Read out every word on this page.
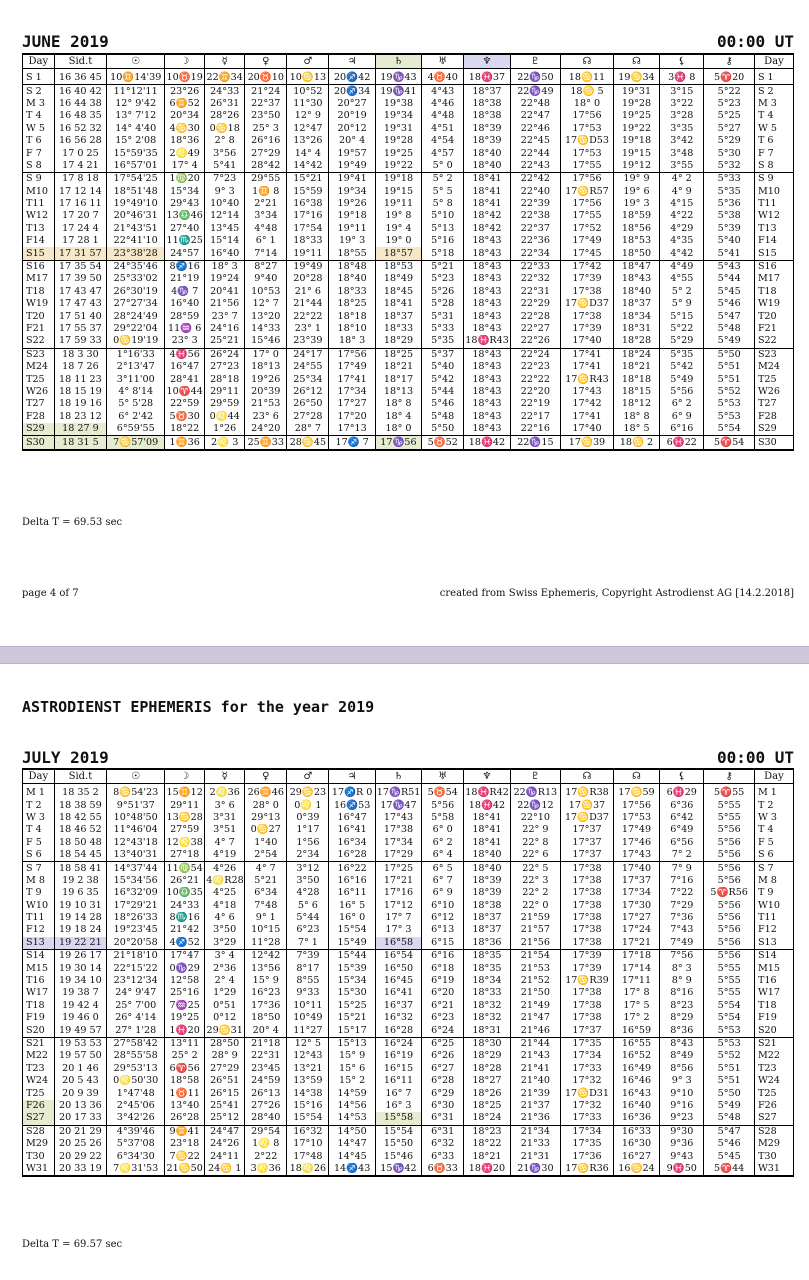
JUNE 2019	00:00 UT
Day	Sid.t	☉	☽	☿	♀	♂	♃	♄	♅	♆	♇	☊	☊	⚸	⚷	Day
S 1	16 36 45	10♊14'39	10♉19	22♊34	20♉10	10♋13	20♐42	19♑43	4♉40	18♓37	22♑50	18♋11	19♋34	3♓ 8	5♈20	S 1
S 2	16 40 42	11°12'11	23°26	24°33	21°24	10°52	20♐34	19♑41	4°43	18°37	22♑49	18♋ 5	19°31	3°15	5°22	S 2
M 3	16 44 38	12° 9'42	6♊52	26°31	22°37	11°30	20°27	19°38	4°46	18°38	22°48	18° 0	19°28	3°22	5°23	M 3
T 4	16 48 35	13° 7'12	20°34	28°26	23°50	12° 9	20°19	19°34	4°48	18°38	22°47	17°56	19°25	3°28	5°25	T 4
W 5	16 52 32	14° 4'40	4♋30	0♋18	25° 3	12°47	20°12	19°31	4°51	18°39	22°46	17°53	19°22	3°35	5°27	W 5
T 6	16 56 28	15° 2'08	18°36	2° 8	26°16	13°26	20° 4	19°28	4°54	18°39	22°45	17♋D53	19°18	3°42	5°29	T 6
F 7	17 0 25	15°59'35	2♌49	3°56	27°29	14° 4	19°57	19°25	4°57	18°40	22°44	17°53	19°15	3°48	5°30	F 7
S 8	17 4 21	16°57'01	17° 4	5°41	28°42	14°42	19°49	19°22	5° 0	18°40	22°43	17°55	19°12	3°55	5°32	S 8
S 9	17 8 18	17°54'25	1♍20	7°23	29°55	15°21	19°41	19°18	5° 2	18°41	22°42	17°56	19° 9	4° 2	5°33	S 9
M10	17 12 14	18°51'48	15°34	9° 3	1♊ 8	15°59	19°34	19°15	5° 5	18°41	22°40	17♋R57	19° 6	4° 9	5°35	M10
T11	17 16 11	19°49'10	29°43	10°40	2°21	16°38	19°26	19°11	5° 8	18°41	22°39	17°56	19° 3	4°15	5°36	T11
W12	17 20 7	20°46'31	13♎46	12°14	3°34	17°16	19°18	19° 8	5°10	18°42	22°38	17°55	18°59	4°22	5°38	W12
T13	17 24 4	21°43'51	27°40	13°45	4°48	17°54	19°11	19° 4	5°13	18°42	22°37	17°52	18°56	4°29	5°39	T13
F14	17 28 1	22°41'10	11♏25	15°14	6° 1	18°33	19° 3	19° 0	5°16	18°43	22°36	17°49	18°53	4°35	5°40	F14
S15	17 31 57	23°38'28	24°57	16°40	7°14	19°11	18°55	18°57	5°18	18°43	22°34	17°45	18°50	4°42	5°41	S15
S16	17 35 54	24°35'46	8♐16	18° 3	8°27	19°49	18°48	18°53	5°21	18°43	22°33	17°42	18°47	4°49	5°43	S16
M17	17 39 50	25°33'02	21°19	19°24	9°40	20°28	18°40	18°49	5°23	18°43	22°32	17°39	18°43	4°55	5°44	M17
T18	17 43 47	26°30'19	4♑ 7	20°41	10°53	21° 6	18°33	18°45	5°26	18°43	22°31	17°38	18°40	5° 2	5°45	T18
W19	17 47 43	27°27'34	16°40	21°56	12° 7	21°44	18°25	18°41	5°28	18°43	22°29	17♋D37	18°37	5° 9	5°46	W19
T20	17 51 40	28°24'49	28°59	23° 7	13°20	22°22	18°18	18°37	5°31	18°43	22°28	17°38	18°34	5°15	5°47	T20
F21	17 55 37	29°22'04	11♒ 6	24°16	14°33	23° 1	18°10	18°33	5°33	18°43	22°27	17°39	18°31	5°22	5°48	F21
S22	17 59 33	0♋19'19	23° 3	25°21	15°46	23°39	18° 3	18°29	5°35	18♓R43	22°26	17°40	18°28	5°29	5°49	S22
S23	18 3 30	1°16'33	4♓56	26°24	17° 0	24°17	17°56	18°25	5°37	18°43	22°24	17°41	18°24	5°35	5°50	S23
M24	18 7 26	2°13'47	16°47	27°23	18°13	24°55	17°49	18°21	5°40	18°43	22°23	17°41	18°21	5°42	5°51	M24
T25	18 11 23	3°11'00	28°41	28°18	19°26	25°34	17°41	18°17	5°42	18°43	22°22	17♋R43	18°18	5°49	5°51	T25
W26	18 15 19	4° 8'14	10♈44	29°11	20°39	26°12	17°34	18°13	5°44	18°43	22°20	17°43	18°15	5°56	5°52	W26
T27	18 19 16	5° 5'28	22°59	29°59	21°53	26°50	17°27	18° 8	5°46	18°43	22°19	17°42	18°12	6° 2	5°53	T27
F28	18 23 12	6° 2'42	5♉30	0♌44	23° 6	27°28	17°20	18° 4	5°48	18°43	22°17	17°41	18° 8	6° 9	5°53	F28
S29	18 27 9	6°59'55	18°22	1°26	24°20	28° 7	17°13	18° 0	5°50	18°43	22°16	17°40	18° 5	6°16	5°54	S29
S30	18 31 5	7♋57'09	1♊36	2♌ 3	25♊33	28♋45	17♐ 7	17♑56	5♉52	18♓42	22♑15	17♋39	18♋ 2	6♓22	5♈54	S30
Delta T = 69.53 sec
page 4 of 7	created from Swiss Ephemeris, Copyright Astrodienst AG [14.2.2018]
ASTRODIENST EPHEMERIS for the year 2019
JULY 2019	00:00 UT
Day	Sid.t	☉	☽	☿	♀	♂	♃	♄	♅	♆	♇	☊	☊	⚸	⚷	Day
M 1	18 35 2	8♋54'23	15♊12	2♌36	26♊46	29♋23	17♐R 0	17♑R51	5♉54	18♓R42	22♑R13	17♋R38	17♋59	6♓29	5♈55	M 1
T 2	18 38 59	9°51'37	29°11	3° 6	28° 0	0♌ 1	16♐53	17♑47	5°56	18♓42	22♑12	17♋37	17°56	6°36	5°55	T 2
W 3	18 42 55	10°48'50	13♋28	3°31	29°13	0°39	16°47	17°43	5°58	18°41	22°10	17♋D37	17°53	6°42	5°55	W 3
T 4	18 46 52	11°46'04	27°59	3°51	0♋27	1°17	16°41	17°38	6° 0	18°41	22° 9	17°37	17°49	6°49	5°56	T 4
F 5	18 50 48	12°43'18	12♌38	4° 7	1°40	1°56	16°34	17°34	6° 2	18°41	22° 8	17°37	17°46	6°56	5°56	F 5
S 6	18 54 45	13°40'31	27°18	4°19	2°54	2°34	16°28	17°29	6° 4	18°40	22° 6	17°37	17°43	7° 2	5°56	S 6
S 7	18 58 41	14°37'44	11♍54	4°26	4° 7	3°12	16°22	17°25	6° 5	18°40	22° 5	17°38	17°40	7° 9	5°56	S 7
M 8	19 2 38	15°34'56	26°21	4♌R28	5°21	3°50	16°16	17°21	6° 7	18°39	22° 3	17°38	17°37	7°16	5°56	M 8
T 9	19 6 35	16°32'09	10♎35	4°25	6°34	4°28	16°11	17°16	6° 9	18°39	22° 2	17°38	17°34	7°22	5♈R56	T 9
W10	19 10 31	17°29'21	24°33	4°18	7°48	5° 6	16° 5	17°12	6°10	18°38	22° 0	17°38	17°30	7°29	5°56	W10
T11	19 14 28	18°26'33	8♏16	4° 6	9° 1	5°44	16° 0	17° 7	6°12	18°37	21°59	17°38	17°27	7°36	5°56	T11
F12	19 18 24	19°23'45	21°42	3°50	10°15	6°23	15°54	17° 3	6°13	18°37	21°57	17°38	17°24	7°43	5°56	F12
S13	19 22 21	20°20'58	4♐52	3°29	11°28	7° 1	15°49	16°58	6°15	18°36	21°56	17°38	17°21	7°49	5°56	S13
S14	19 26 17	21°18'10	17°47	3° 4	12°42	7°39	15°44	16°54	6°16	18°35	21°54	17°39	17°18	7°56	5°56	S14
M15	19 30 14	22°15'22	0♑29	2°36	13°56	8°17	15°39	16°50	6°18	18°35	21°53	17°39	17°14	8° 3	5°55	M15
T16	19 34 10	23°12'34	12°58	2° 4	15° 9	8°55	15°34	16°45	6°19	18°34	21°52	17♋R39	17°11	8° 9	5°55	T16
W17	19 38 7	24° 9'47	25°16	1°29	16°23	9°33	15°30	16°41	6°20	18°33	21°50	17°38	17° 8	8°16	5°55	W17
T18	19 42 4	25° 7'00	7♒25	0°51	17°36	10°11	15°25	16°37	6°21	18°32	21°49	17°38	17° 5	8°23	5°54	T18
F19	19 46 0	26° 4'14	19°25	0°12	18°50	10°49	15°21	16°32	6°23	18°32	21°47	17°38	17° 2	8°29	5°54	F19
S20	19 49 57	27° 1'28	1♓20	29♋31	20° 4	11°27	15°17	16°28	6°24	18°31	21°46	17°37	16°59	8°36	5°53	S20
S21	19 53 53	27°58'42	13°11	28°50	21°18	12° 5	15°13	16°24	6°25	18°30	21°44	17°35	16°55	8°43	5°53	S21
M22	19 57 50	28°55'58	25° 2	28° 9	22°31	12°43	15° 9	16°19	6°26	18°29	21°43	17°34	16°52	8°49	5°52	M22
T23	20 1 46	29°53'13	6♈56	27°29	23°45	13°21	15° 6	16°15	6°27	18°28	21°41	17°33	16°49	8°56	5°51	T23
W24	20 5 43	0♌50'30	18°58	26°51	24°59	13°59	15° 2	16°11	6°28	18°27	21°40	17°32	16°46	9° 3	5°51	W24
T25	20 9 39	1°47'48	1♉11	26°15	26°13	14°38	14°59	16° 7	6°29	18°26	21°39	17♋D31	16°43	9°10	5°50	T25
F26	20 13 36	2°45'06	13°40	25°41	27°26	15°16	14°56	16° 3	6°30	18°25	21°37	17°32	16°40	9°16	5°49	F26
S27	20 17 33	3°42'26	26°28	25°12	28°40	15°54	14°53	15°58	6°31	18°24	21°36	17°33	16°36	9°23	5°48	S27
S28	20 21 29	4°39'46	9♊41	24°47	29°54	16°32	14°50	15°54	6°31	18°23	21°34	17°34	16°33	9°30	5°47	S28
M29	20 25 26	5°37'08	23°18	24°26	1♌ 8	17°10	14°47	15°50	6°32	18°22	21°33	17°35	16°30	9°36	5°46	M29
T30	20 29 22	6°34'30	7♋22	24°11	2°22	17°48	14°45	15°46	6°33	18°21	21°31	17°36	16°27	9°43	5°45	T30
W31	20 33 19	7♌31'53	21♋50	24♋ 1	3♌36	18♌26	14♐43	15♑42	6♉33	18♓20	21♑30	17♋R36	16♋24	9♓50	5♈44	W31
Delta T = 69.57 sec
